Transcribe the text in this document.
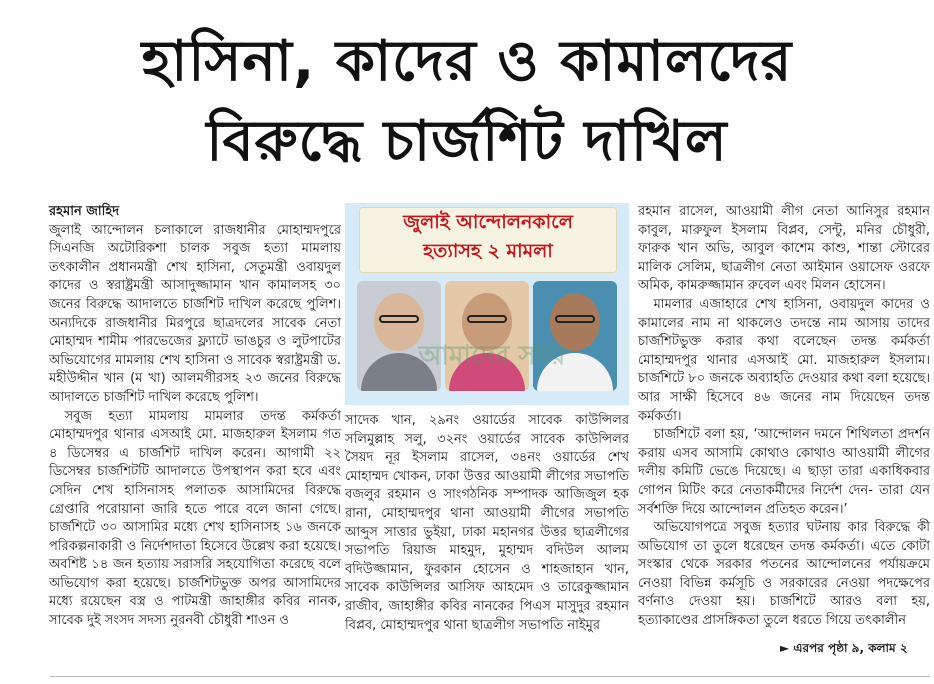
হাসিনা, কাদের ও কামালদের
বিরুদ্ধে চার্জশিট দাখিল
রহমান জাহিদ

জুলাই আন্দোলন চলাকালে রাজধানীর মোহাম্মদপুরে সিএনজি অটোরিকশা চালক সবুজ হত্যা মামলায় তৎকালীন প্রধানমন্ত্রী শেখ হাসিনা, সেতুমন্ত্রী ওবায়দুল কাদের ও স্বরাষ্ট্রমন্ত্রী আসাদুজ্জামান খান কামালসহ ৩০ জনের বিরুদ্ধে আদালতে চার্জশিট দাখিল করেছে পুলিশ। অন্যদিকে রাজধানীর মিরপুরে ছাত্রদলের সাবেক নেতা মোহাম্মদ শামীম পারভেজের ফ্ল্যাটে ভাঙচুর ও লুটপাটের অভিযোগের মামলায় শেখ হাসিনা ও সাবেক স্বরাষ্ট্রমন্ত্রী ড. মহীউদ্দীন খান (ম খা) আলমগীরসহ ২৩ জনের বিরুদ্ধে আদালতে চার্জশিট দাখিল করেছে পুলিশ।

সবুজ হত্যা মামলায় মামলার তদন্ত কর্মকর্তা মোহাম্মদপুর থানার এসআই মো. মাজহারুল ইসলাম গত ৪ ডিসেম্বর এ চার্জশিট দাখিল করেন। আগামী ২২ ডিসেম্বর চার্জশিটটি আদালতে উপস্থাপন করা হবে এবং সেদিন শেখ হাসিনাসহ পলাতক আসামিদের বিরুদ্ধে গ্রেপ্তারি পরোয়ানা জারি হতে পারে বলে জানা গেছে। চার্জশিটে ৩০ আসামির মধ্যে শেখ হাসিনাসহ ১৬ জনকে পরিকল্পনাকারী ও নির্দেশদাতা হিসেবে উল্লেখ করা হয়েছে। অবশিষ্ট ১৪ জন হত্যায় সরাসরি সহযোগিতা করেছে বলে অভিযোগ করা হয়েছে। চার্জশিটভুক্ত অপর আসামিদের মধ্যে রয়েছেন বস্ত্র ও পাটমন্ত্রী জাহাঙ্গীর কবির নানক, সাবেক দুই সংসদ সদস্য নুরনবী চৌধুরী শাওন ও

জুলাই আন্দোলনকালে
হত্যাসহ ২ মামলা
আমাদের সময়

সাদেক খান, ২৯নং ওয়ার্ডের সাবেক কাউন্সিলর সলিমুল্লাহ সলু, ৩২নং ওয়ার্ডের সাবেক কাউন্সিলর সৈয়দ নূর ইসলাম রাসেল, ৩৪নং ওয়ার্ডের শেখ মোহাম্মদ খোকন, ঢাকা উত্তর আওয়ামী লীগের সভাপতি বজলুর রহমান ও সাংগঠনিক সম্পাদক আজিজুল হক রানা, মোহাম্মদপুর থানা আওয়ামী লীগের সভাপতি আব্দুস সাত্তার ভুইয়া, ঢাকা মহানগর উত্তর ছাত্রলীগের সভাপতি রিয়াজ মাহমুদ, মুহাম্মদ বদিউল আলম বদিউজ্জামান, ফুরকান হোসেন ও শাহজাহান খান, সাবেক কাউন্সিলর আসিফ আহমেদ ও তারেকুজ্জামান রাজীব, জাহাঙ্গীর কবির নানকের পিএস মাসুদুর রহমান বিপ্লব, মোহাম্মদপুর থানা ছাত্রলীগ সভাপতি নাইমুর

রহমান রাসেল, আওয়ামী লীগ নেতা আনিসুর রহমান কাবুল, মারুফুল ইসলাম বিপ্লব, সেন্টু, মনির চৌধুরী, ফারুক খান অভি, আবুল কাশেম কাশু, শান্তা স্টোরের মালিক সেলিম, ছাত্রলীগ নেতা আইমান ওয়াসেফ ওরফে অমিক, কামরুজ্জামান রুবেল এবং মিলন হোসেন।

মামলার এজাহারে শেখ হাসিনা, ওবায়দুল কাদের ও কামালের নাম না থাকলেও তদন্তে নাম আসায় তাদের চার্জশিটভুক্ত করার কথা বলেছেন তদন্ত কর্মকর্তা মোহাম্মদপুর থানার এসআই মো. মাজহারুল ইসলাম। চার্জশিটে ৮০ জনকে অব্যাহতি দেওয়ার কথা বলা হয়েছে। আর সাক্ষী হিসেবে ৪৬ জনের নাম দিয়েছেন তদন্ত কর্মকর্তা।

চার্জশিটে বলা হয়, ‘আন্দোলন দমনে শিথিলতা প্রদর্শন করায় এসব আসামি কোথাও কোথাও আওয়ামী লীগের দলীয় কমিটি ভেঙে দিয়েছে। এ ছাড়া তারা একাধিকবার গোপন মিটিং করে নেতাকর্মীদের নির্দেশ দেন- তারা যেন সর্বশক্তি দিয়ে আন্দোলন প্রতিহত করেন।’

অভিযোগপত্রে সবুজ হত্যার ঘটনায় কার বিরুদ্ধে কী অভিযোগ তা তুলে ধরেছেন তদন্ত কর্মকর্তা। এতে কোটা সংস্কার থেকে সরকার পতনের আন্দোলনের পর্যায়ক্রমে নেওয়া বিভিন্ন কর্মসূচি ও সরকারের নেওয়া পদক্ষেপের বর্ণনাও দেওয়া হয়। চার্জশিটে আরও বলা হয়, হত্যাকাণ্ডের প্রাসঙ্গিকতা তুলে ধরতে গিয়ে তৎকালীন

► এরপর পৃষ্ঠা ৯, কলাম ২
